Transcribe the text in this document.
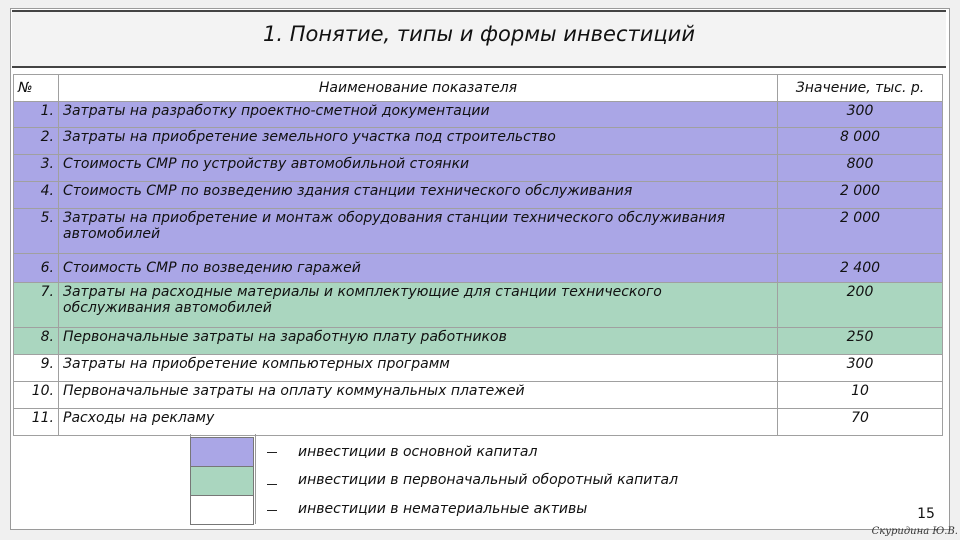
1. Понятие, типы и формы инвестиций
№	Наименование показателя	Значение, тыс. р.
1.	Затраты на разработку проектно-сметной документации	300
2.	Затраты на приобретение земельного участка под строительство	8 000
3.	Стоимость СМР по устройству автомобильной стоянки	800
4.	Стоимость СМР по возведению здания станции технического обслуживания	2 000
5.	Затраты на приобретение и монтаж оборудования станции технического обслуживания автомобилей	2 000
6.	Стоимость СМР по возведению гаражей	2 400
7.	Затраты на расходные материалы и комплектующие для станции технического обслуживания автомобилей	200
8.	Первоначальные затраты на заработную плату работников	250
9.	Затраты на приобретение компьютерных программ	300
10.	Первоначальные затраты на оплату коммунальных платежей	10
11.	Расходы на рекламу	70
инвестиции в основной капитал
инвестиции в первоначальный оборотный капитал
инвестиции в нематериальные активы	15
Скуридина Ю.В.
